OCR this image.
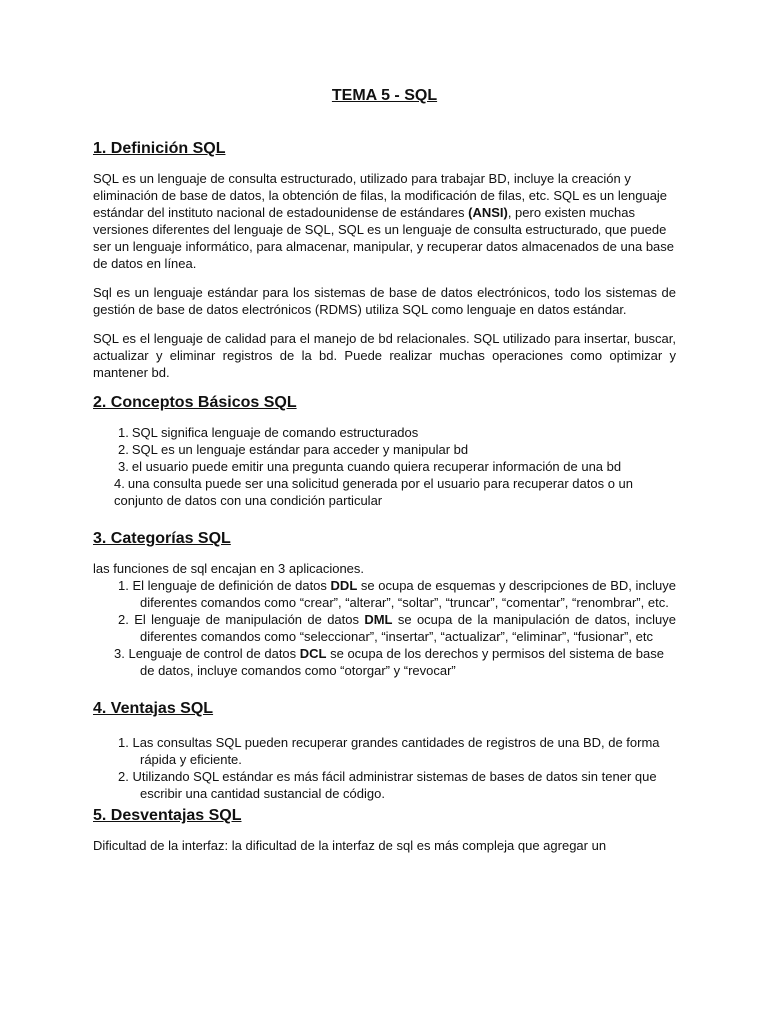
TEMA 5 - SQL
1. Definición SQL

SQL es un lenguaje de consulta estructurado, utilizado para trabajar BD, incluye la creación y eliminación de base de datos, la obtención de filas, la modificación de filas, etc. SQL es un lenguaje estándar del instituto nacional de estadounidense de estándares (ANSI), pero existen muchas versiones diferentes del lenguaje de SQL, SQL es un lenguaje de consulta estructurado, que puede ser un lenguaje informático, para almacenar, manipular, y recuperar datos almacenados de una base de datos en línea.

Sql es un lenguaje estándar para los sistemas de base de datos electrónicos, todo los sistemas de gestión de base de datos electrónicos (RDMS) utiliza SQL como lenguaje en datos estándar.

SQL es el lenguaje de calidad para el manejo de bd relacionales. SQL utilizado para insertar, buscar, actualizar y eliminar registros de la bd. Puede realizar muchas operaciones como optimizar y mantener bd.

2. Conceptos Básicos SQL
1. SQL significa lenguaje de comando estructurados
2. SQL es un lenguaje estándar para acceder y manipular bd
3. el usuario puede emitir una pregunta cuando quiera recuperar información de una bd
4. una consulta puede ser una solicitud generada por el usuario para recuperar datos o un conjunto de datos con una condición particular
3. Categorías SQL
las funciones de sql encajan en 3 aplicaciones.
1. El lenguaje de definición de datos DDL se ocupa de esquemas y descripciones de BD, incluye diferentes comandos como “crear”, “alterar”, “soltar”, “truncar”, “comentar”, “renombrar”, etc.
2. El lenguaje de manipulación de datos DML se ocupa de la manipulación de datos, incluye diferentes comandos como “seleccionar”, “insertar”, “actualizar”, “eliminar”, “fusionar”, etc
3. Lenguaje de control de datos DCL se ocupa de los derechos y permisos del sistema de base de datos, incluye comandos como “otorgar” y “revocar”
4. Ventajas SQL
1. Las consultas SQL pueden recuperar grandes cantidades de registros de una BD, de forma rápida y eficiente.
2. Utilizando SQL estándar es más fácil administrar sistemas de bases de datos sin tener que escribir una cantidad sustancial de código.
5. Desventajas SQL

Dificultad de la interfaz: la dificultad de la interfaz de sql es más compleja que agregar un
